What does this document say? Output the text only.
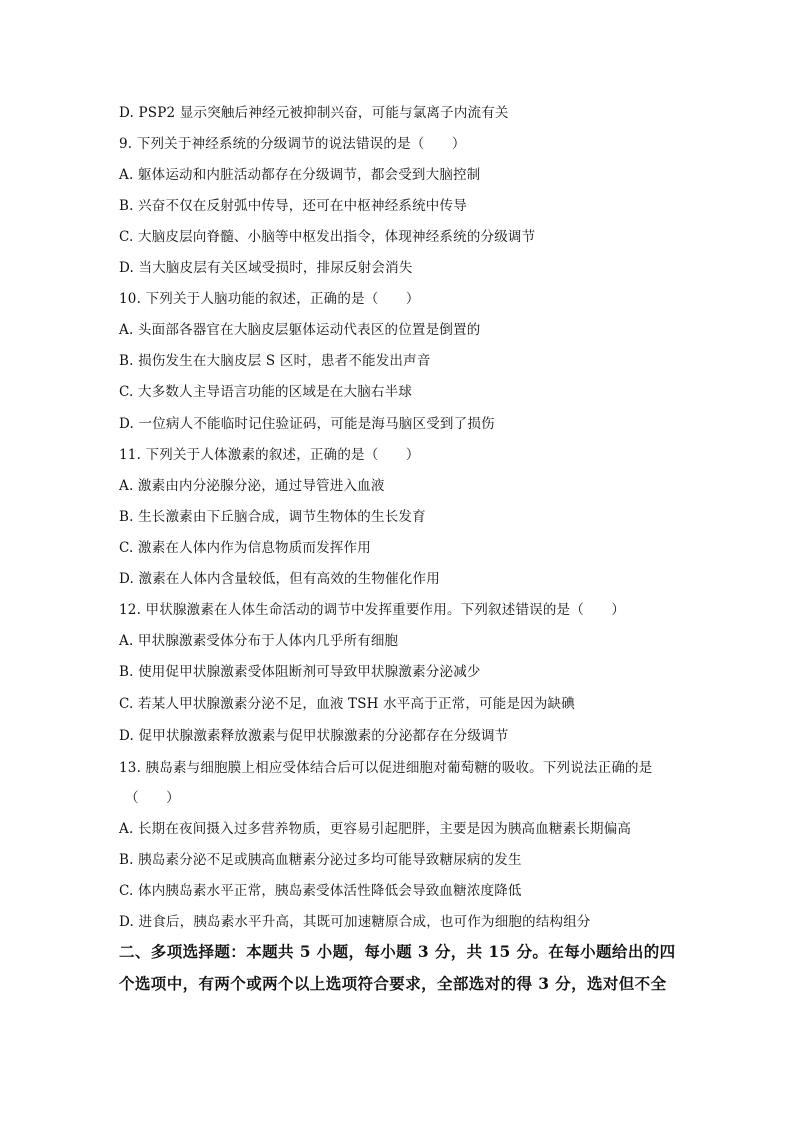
D. PSP2 显示突触后神经元被抑制兴奋，可能与氯离子内流有关
9. 下列关于神经系统的分级调节的说法错误的是（　　）
A. 躯体运动和内脏活动都存在分级调节，都会受到大脑控制
B. 兴奋不仅在反射弧中传导，还可在中枢神经系统中传导
C. 大脑皮层向脊髓、小脑等中枢发出指令，体现神经系统的分级调节
D. 当大脑皮层有关区域受损时，排尿反射会消失
10. 下列关于人脑功能的叙述，正确的是（　　）
A. 头面部各器官在大脑皮层躯体运动代表区的位置是倒置的
B. 损伤发生在大脑皮层 S 区时，患者不能发出声音
C. 大多数人主导语言功能的区域是在大脑右半球
D. 一位病人不能临时记住验证码，可能是海马脑区受到了损伤
11. 下列关于人体激素的叙述，正确的是（　　）
A. 激素由内分泌腺分泌，通过导管进入血液
B. 生长激素由下丘脑合成，调节生物体的生长发育
C. 激素在人体内作为信息物质而发挥作用
D. 激素在人体内含量较低，但有高效的生物催化作用
12. 甲状腺激素在人体生命活动的调节中发挥重要作用。下列叙述错误的是（　　）
A. 甲状腺激素受体分布于人体内几乎所有细胞
B. 使用促甲状腺激素受体阻断剂可导致甲状腺激素分泌减少
C. 若某人甲状腺激素分泌不足，血液 TSH 水平高于正常，可能是因为缺碘
D. 促甲状腺激素释放激素与促甲状腺激素的分泌都存在分级调节
13. 胰岛素与细胞膜上相应受体结合后可以促进细胞对葡萄糖的吸收。下列说法正确的是
（　　）
A. 长期在夜间摄入过多营养物质，更容易引起肥胖，主要是因为胰高血糖素长期偏高
B. 胰岛素分泌不足或胰高血糖素分泌过多均可能导致糖尿病的发生
C. 体内胰岛素水平正常，胰岛素受体活性降低会导致血糖浓度降低
D. 进食后，胰岛素水平升高，其既可加速糖原合成，也可作为细胞的结构组分
二、多项选择题：本题共 5 小题，每小题 3 分，共 15 分。在每小题给出的四
个选项中，有两个或两个以上选项符合要求，全部选对的得 3 分，选对但不全
